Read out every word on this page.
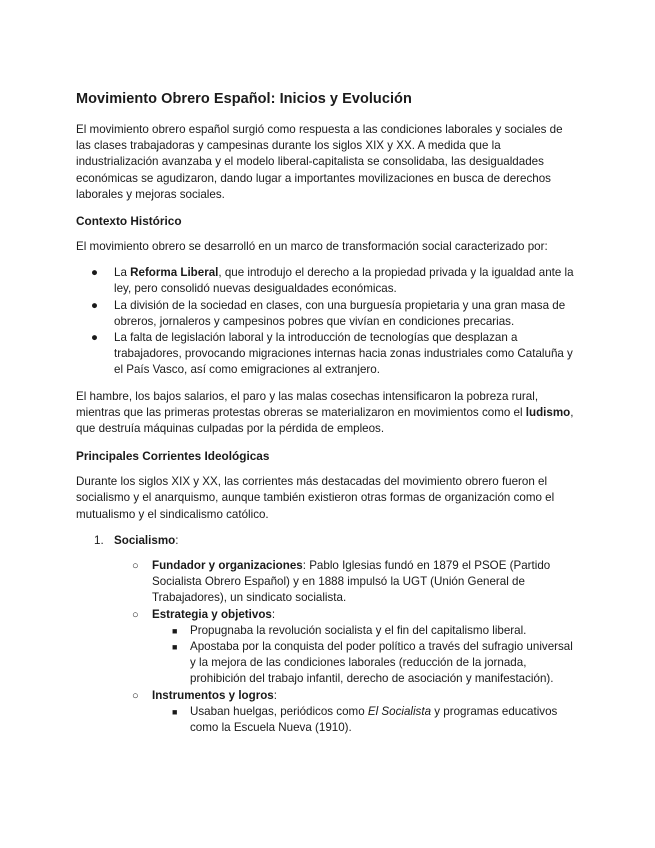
Movimiento Obrero Español: Inicios y Evolución

El movimiento obrero español surgió como respuesta a las condiciones laborales y sociales de las clases trabajadoras y campesinas durante los siglos XIX y XX. A medida que la industrialización avanzaba y el modelo liberal-capitalista se consolidaba, las desigualdades económicas se agudizaron, dando lugar a importantes movilizaciones en busca de derechos laborales y mejoras sociales.

Contexto Histórico

El movimiento obrero se desarrolló en un marco de transformación social caracterizado por:

● La Reforma Liberal, que introdujo el derecho a la propiedad privada y la igualdad ante la ley, pero consolidó nuevas desigualdades económicas.
● La división de la sociedad en clases, con una burguesía propietaria y una gran masa de obreros, jornaleros y campesinos pobres que vivían en condiciones precarias.
● La falta de legislación laboral y la introducción de tecnologías que desplazan a trabajadores, provocando migraciones internas hacia zonas industriales como Cataluña y el País Vasco, así como emigraciones al extranjero.

El hambre, los bajos salarios, el paro y las malas cosechas intensificaron la pobreza rural, mientras que las primeras protestas obreras se materializaron en movimientos como el ludismo, que destruía máquinas culpadas por la pérdida de empleos.

Principales Corrientes Ideológicas

Durante los siglos XIX y XX, las corrientes más destacadas del movimiento obrero fueron el socialismo y el anarquismo, aunque también existieron otras formas de organización como el mutualismo y el sindicalismo católico.

1. Socialismo:

○ Fundador y organizaciones: Pablo Iglesias fundó en 1879 el PSOE (Partido Socialista Obrero Español) y en 1888 impulsó la UGT (Unión General de Trabajadores), un sindicato socialista.
○ Estrategia y objetivos:
■ Propugnaba la revolución socialista y el fin del capitalismo liberal.
■ Apostaba por la conquista del poder político a través del sufragio universal y la mejora de las condiciones laborales (reducción de la jornada, prohibición del trabajo infantil, derecho de asociación y manifestación).
○ Instrumentos y logros:
■ Usaban huelgas, periódicos como El Socialista y programas educativos como la Escuela Nueva (1910).
